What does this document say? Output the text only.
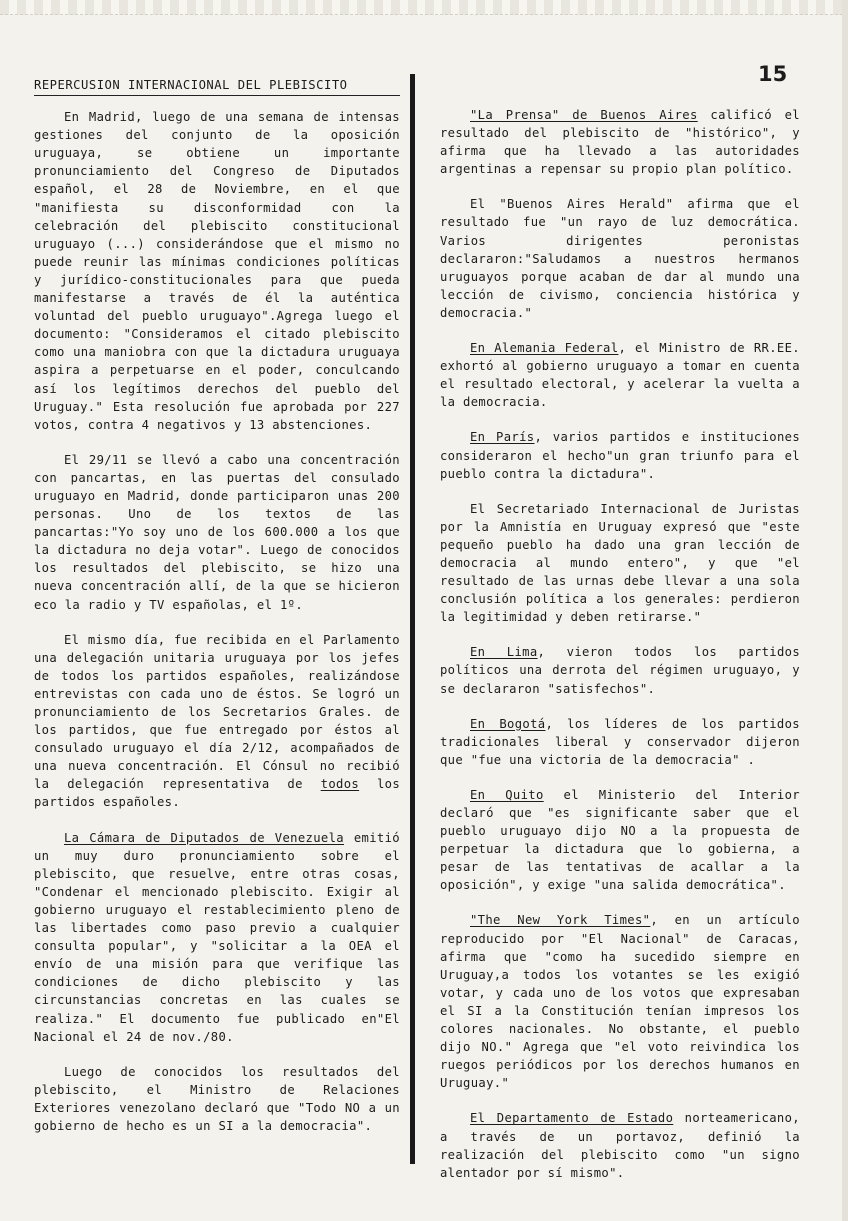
15
REPERCUSION INTERNACIONAL DEL PLEBISCITO

En Madrid, luego de una semana de intensas gestiones del conjunto de la oposición uruguaya, se obtiene un importante pronunciamiento del Congreso de Diputados español, el 28 de Noviembre, en el que "manifiesta su disconformidad con la celebración del plebiscito constitucional uruguayo (...) considerándose que el mismo no puede reunir las mínimas condiciones políticas y jurídico-constitucionales para que pueda manifestarse a través de él la auténtica voluntad del pueblo uruguayo".Agrega luego el documento: "Consideramos el citado plebiscito como una maniobra con que la dictadura uruguaya aspira a perpetuarse en el poder, conculcando así los legítimos derechos del pueblo del Uruguay." Esta resolución fue aprobada por 227 votos, contra 4 negativos y 13 abstenciones.

El 29/11 se llevó a cabo una concentración con pancartas, en las puertas del consulado uruguayo en Madrid, donde participaron unas 200 personas. Uno de los textos de las pancartas:"Yo soy uno de los 600.000 a los que la dictadura no deja votar". Luego de conocidos los resultados del plebiscito, se hizo una nueva concentración allí, de la que se hicieron eco la radio y TV españolas, el 1º.

El mismo día, fue recibida en el Parlamento una delegación unitaria uruguaya por los jefes de todos los partidos españoles, realizándose entrevistas con cada uno de éstos. Se logró un pronunciamiento de los Secretarios Grales. de los partidos, que fue entregado por éstos al consulado uruguayo el día 2/12, acompañados de una nueva concentración. El Cónsul no recibió la delegación representativa de todos los partidos españoles.

La Cámara de Diputados de Venezuela emitió un muy duro pronunciamiento sobre el plebiscito, que resuelve, entre otras cosas, "Condenar el mencionado plebiscito. Exigir al gobierno uruguayo el restablecimiento pleno de las libertades como paso previo a cualquier consulta popular", y "solicitar a la OEA el envío de una misión para que verifique las condiciones de dicho plebiscito y las circunstancias concretas en las cuales se realiza." El documento fue publicado en"El Nacional el 24 de nov./80.

Luego de conocidos los resultados del plebiscito, el Ministro de Relaciones Exteriores venezolano declaró que "Todo NO a un gobierno de hecho es un SI a la democracia".

"La Prensa" de Buenos Aires calificó el resultado del plebiscito de "histórico", y afirma que ha llevado a las autoridades argentinas a repensar su propio plan político.

El "Buenos Aires Herald" afirma que el resultado fue "un rayo de luz democrática. Varios dirigentes peronistas declararon:"Saludamos a nuestros hermanos uruguayos porque acaban de dar al mundo una lección de civismo, conciencia histórica y democracia."

En Alemania Federal, el Ministro de RR.EE. exhortó al gobierno uruguayo a tomar en cuenta el resultado electoral, y acelerar la vuelta a la democracia.

En París, varios partidos e instituciones consideraron el hecho"un gran triunfo para el pueblo contra la dictadura".

El Secretariado Internacional de Juristas por la Amnistía en Uruguay expresó que "este pequeño pueblo ha dado una gran lección de democracia al mundo entero", y que "el resultado de las urnas debe llevar a una sola conclusión política a los generales: perdieron la legitimidad y deben retirarse."

En Lima, vieron todos los partidos políticos una derrota del régimen uruguayo, y se declararon "satisfechos".

En Bogotá, los líderes de los partidos tradicionales liberal y conservador dijeron que "fue una victoria de la democracia" .

En Quito el Ministerio del Interior declaró que "es significante saber que el pueblo uruguayo dijo NO a la propuesta de perpetuar la dictadura que lo gobierna, a pesar de las tentativas de acallar a la oposición", y exige "una salida democrática".

"The New York Times", en un artículo reproducido por "El Nacional" de Caracas, afirma que "como ha sucedido siempre en Uruguay,a todos los votantes se les exigió votar, y cada uno de los votos que expresaban el SI a la Constitución tenían impresos los colores nacionales. No obstante, el pueblo dijo NO." Agrega que "el voto reivindica los ruegos periódicos por los derechos humanos en Uruguay."

El Departamento de Estado norteamericano, a través de un portavoz, definió la realización del plebiscito como "un signo alentador por sí mismo".
